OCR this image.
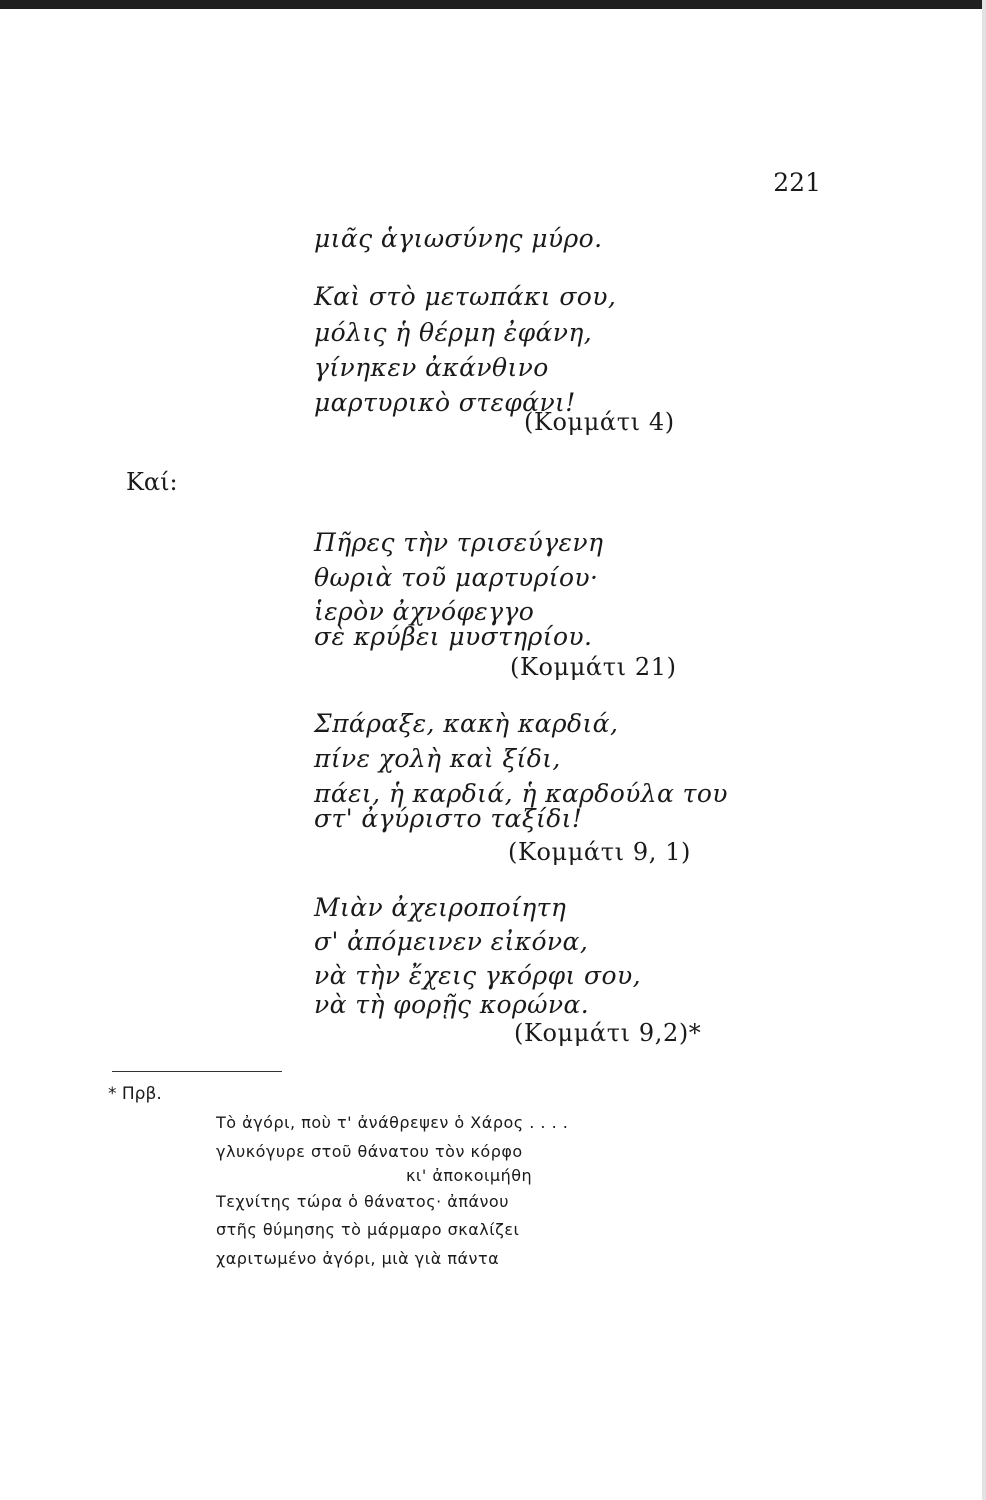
221
μιᾶς ἁγιωσύνης μύρο.
Καὶ στὸ μετωπάκι σου,
μόλις ἡ θέρμη ἐφάνη,
γίνηκεν ἀκάνθινο
μαρτυρικὸ στεφάνι!
(Κομμάτι 4)
Καί:
Πῆρες τὴν τρισεύγενη
θωριὰ τοῦ μαρτυρίου·
ἱερὸν ἀχνόφεγγο
σὲ κρύβει μυστηρίου.
(Κομμάτι 21)
Σπάραξε, κακὴ καρδιά,
πίνε χολὴ καὶ ξίδι,
πάει, ἡ καρδιά, ἡ καρδούλα του
στ' ἀγύριστο ταξίδι!
(Κομμάτι 9, 1)
Μιὰν ἀχειροποίητη
σ' ἀπόμεινεν εἰκόνα,
νὰ τὴν ἔχεις γκόρφι σου,
νὰ τὴ φορῇς κορώνα.
(Κομμάτι 9,2)*
* Πρβ.
Τὸ ἀγόρι, ποὺ τ' ἀνάθρεψεν ὁ Χάρος . . . .
γλυκόγυρε στοῦ θάνατου τὸν κόρφο
κι' ἀποκοιμήθη
Τεχνίτης τώρα ὁ θάνατος· ἀπάνου
στῆς θύμησης τὸ μάρμαρο σκαλίζει
χαριτωμένο ἀγόρι, μιὰ γιὰ πάντα
